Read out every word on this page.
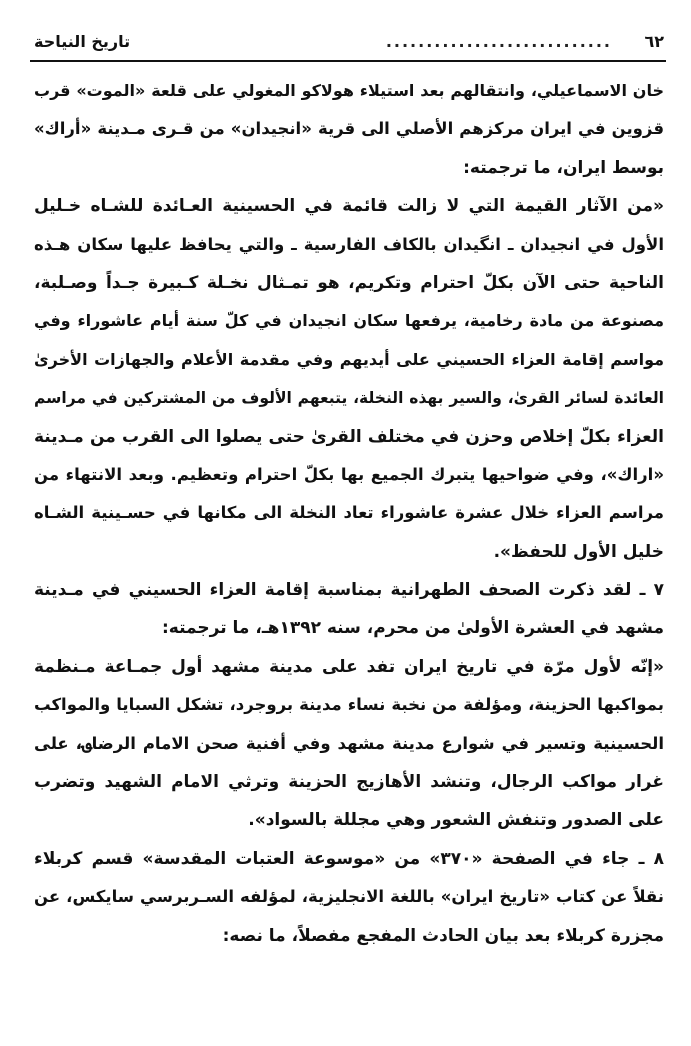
٦٢
............................
تاريخ النياحة
خان الاسماعيلي، وانتقالهم بعد استيلاء هولاكو المغولي على قلعة «الموت» قرب
قزوين في ايران مركزهم الأصلي الى قرية «انجيدان» من قـرى مـدينة «أراك»
بوسط ايران، ما ترجمته:
«من الآثار القيمة التي لا زالت قائمة في الحسينية العـائدة للشـاه خـليل
الأول في انجيدان ـ انگيدان بالكاف الفارسية ـ والتي يحافظ عليها سكان هـذه
الناحية حتى الآن بكلّ احترام وتكريم، هو تمـثال نخـلة كـبيرة جـداً وصـلبة،
مصنوعة من مادة رخامية، يرفعها سكان انجيدان في كلّ سنة أيام عاشوراء وفي
مواسم إقامة العزاء الحسيني على أيديهم وفي مقدمة الأعلام والجهازات الأخرىٰ
العائدة لسائر القرىٰ، والسير بهذه النخلة، يتبعهم الألوف من المشتركين في مراسم
العزاء بكلّ إخلاص وحزن في مختلف القرىٰ حتى يصلوا الى القرب من مـدينة
«اراك»، وفي ضواحيها يتبرك الجميع بها بكلّ احترام وتعظيم. وبعد الانتهاء من
مراسم العزاء خلال عشرة عاشوراء تعاد النخلة الى مكانها في حسـينية الشـاه
خليل الأول للحفظ».
٧ ـ لقد ذكرت الصحف الطهرانية بمناسبة إقامة العزاء الحسيني في مـدينة
مشهد في العشرة الأولىٰ من محرم، سنه ١٣٩٢هـ، ما ترجمته:
«إنّه لأول مرّة في تاريخ ايران تفد على مدينة مشهد أول جمـاعة مـنظمة
بمواكبها الحزينة، ومؤلفة من نخبة نساء مدينة بروجرد، تشكل السبايا والمواكب
الحسينية وتسير في شوارع مدينة مشهد وفي أفنية صحن الامام الرضا؈، على
غرار مواكب الرجال، وتنشد الأهازيج الحزينة وترثي الامام الشهيد وتضرب
على الصدور وتنفش الشعور وهي مجللة بالسواد».
٨ ـ جاء في الصفحة «٣٧٠» من «موسوعة العتبات المقدسة» قسم كربلاء
نقلاً عن كتاب «تاريخ ايران» باللغة الانجليزية، لمؤلفه السـربرسي سايكس، عن
مجزرة كربلاء بعد بيان الحادث المفجع مفصلاً، ما نصه:
